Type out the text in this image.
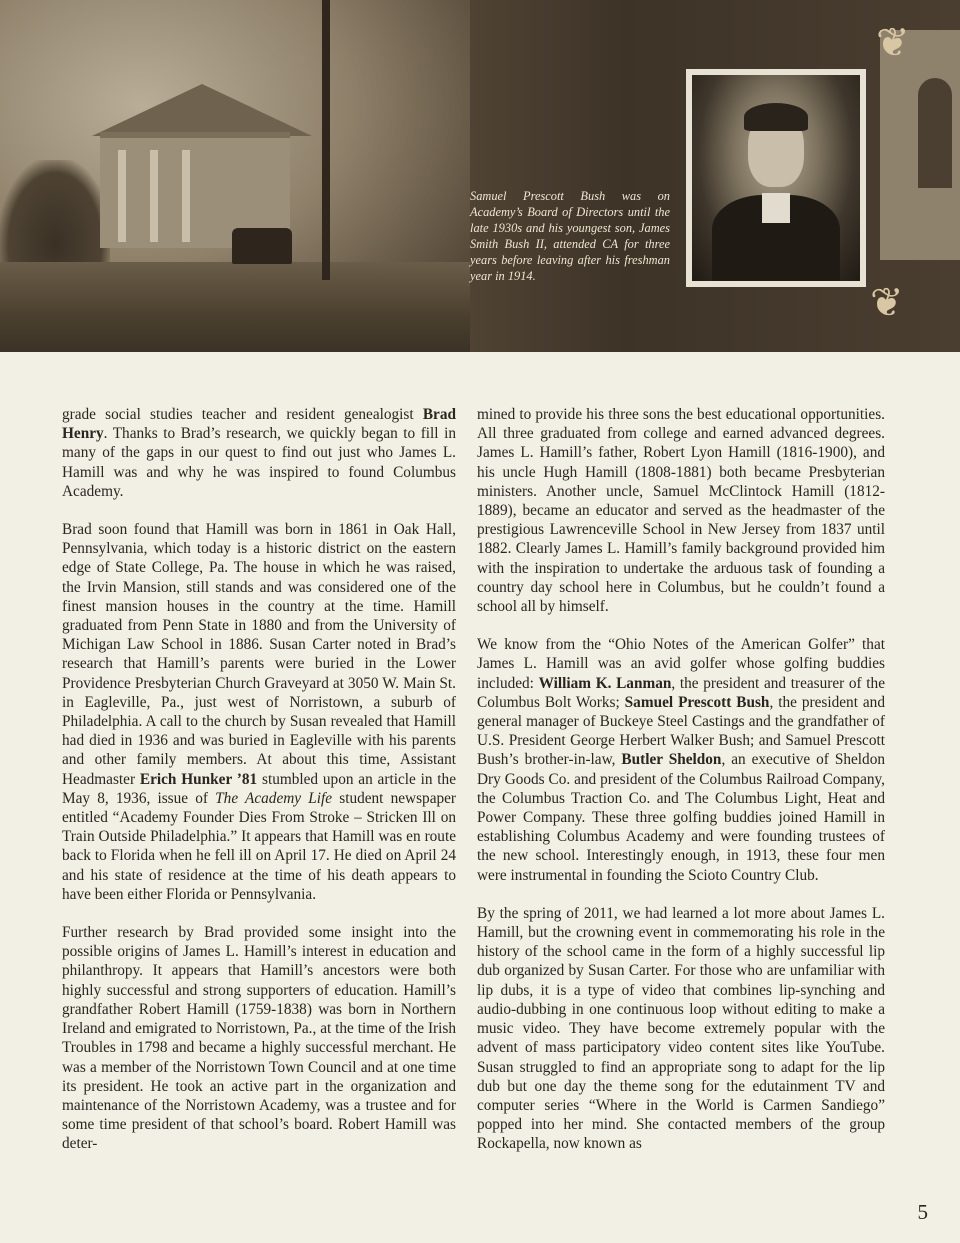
Samuel Prescott Bush was on Academy’s Board of Directors until the late 1930s and his youngest son, James Smith Bush II, attended CA for three years before leaving after his freshman year in 1914.
❦
❦

grade social studies teacher and resident genealogist Brad Henry. Thanks to Brad’s research, we quickly began to fill in many of the gaps in our quest to find out just who James L. Hamill was and why he was inspired to found Columbus Academy.

Brad soon found that Hamill was born in 1861 in Oak Hall, Pennsylvania, which today is a historic district on the eastern edge of State College, Pa. The house in which he was raised, the Irvin Mansion, still stands and was considered one of the finest mansion houses in the country at the time. Hamill graduated from Penn State in 1880 and from the University of Michigan Law School in 1886. Susan Carter noted in Brad’s research that Hamill’s parents were buried in the Lower Providence Presbyterian Church Graveyard at 3050 W. Main St. in Eagleville, Pa., just west of Norristown, a suburb of Philadelphia. A call to the church by Susan revealed that Hamill had died in 1936 and was buried in Eagleville with his parents and other family members. At about this time, Assistant Headmaster Erich Hunker ’81 stumbled upon an article in the May 8, 1936, issue of The Academy Life student newspaper entitled “Academy Founder Dies From Stroke – Stricken Ill on Train Outside Philadelphia.” It appears that Hamill was en route back to Florida when he fell ill on April 17. He died on April 24 and his state of residence at the time of his death appears to have been either Florida or Pennsylvania.

Further research by Brad provided some insight into the possible origins of James L. Hamill’s interest in education and philanthropy. It appears that Hamill’s ancestors were both highly successful and strong supporters of education. Hamill’s grandfather Robert Hamill (1759-1838) was born in Northern Ireland and emigrated to Norristown, Pa., at the time of the Irish Troubles in 1798 and became a highly successful merchant. He was a member of the Norristown Town Council and at one time its president. He took an active part in the organization and maintenance of the Norristown Academy, was a trustee and for some time president of that school’s board. Robert Hamill was deter-

mined to provide his three sons the best educational opportunities. All three graduated from college and earned advanced degrees. James L. Hamill’s father, Robert Lyon Hamill (1816-1900), and his uncle Hugh Hamill (1808-1881) both became Presbyterian ministers. Another uncle, Samuel McClintock Hamill (1812-1889), became an educator and served as the headmaster of the prestigious Lawrenceville School in New Jersey from 1837 until 1882. Clearly James L. Hamill’s family background provided him with the inspiration to undertake the arduous task of founding a country day school here in Columbus, but he couldn’t found a school all by himself.

We know from the “Ohio Notes of the American Golfer” that James L. Hamill was an avid golfer whose golfing buddies included: William K. Lanman, the president and treasurer of the Columbus Bolt Works; Samuel Prescott Bush, the president and general manager of Buckeye Steel Castings and the grandfather of U.S. President George Herbert Walker Bush; and Samuel Prescott Bush’s brother-in-law, Butler Sheldon, an executive of Sheldon Dry Goods Co. and president of the Columbus Railroad Company, the Columbus Traction Co. and The Columbus Light, Heat and Power Company. These three golfing buddies joined Hamill in establishing Columbus Academy and were founding trustees of the new school. Interestingly enough, in 1913, these four men were instrumental in founding the Scioto Country Club.

By the spring of 2011, we had learned a lot more about James L. Hamill, but the crowning event in commemorating his role in the history of the school came in the form of a highly successful lip dub organized by Susan Carter. For those who are unfamiliar with lip dubs, it is a type of video that combines lip-synching and audio-dubbing in one continuous loop without editing to make a music video. They have become extremely popular with the advent of mass participatory video content sites like YouTube. Susan struggled to find an appropriate song to adapt for the lip dub but one day the theme song for the edutainment TV and computer series “Where in the World is Carmen Sandiego” popped into her mind. She contacted members of the group Rockapella, now known as

5
